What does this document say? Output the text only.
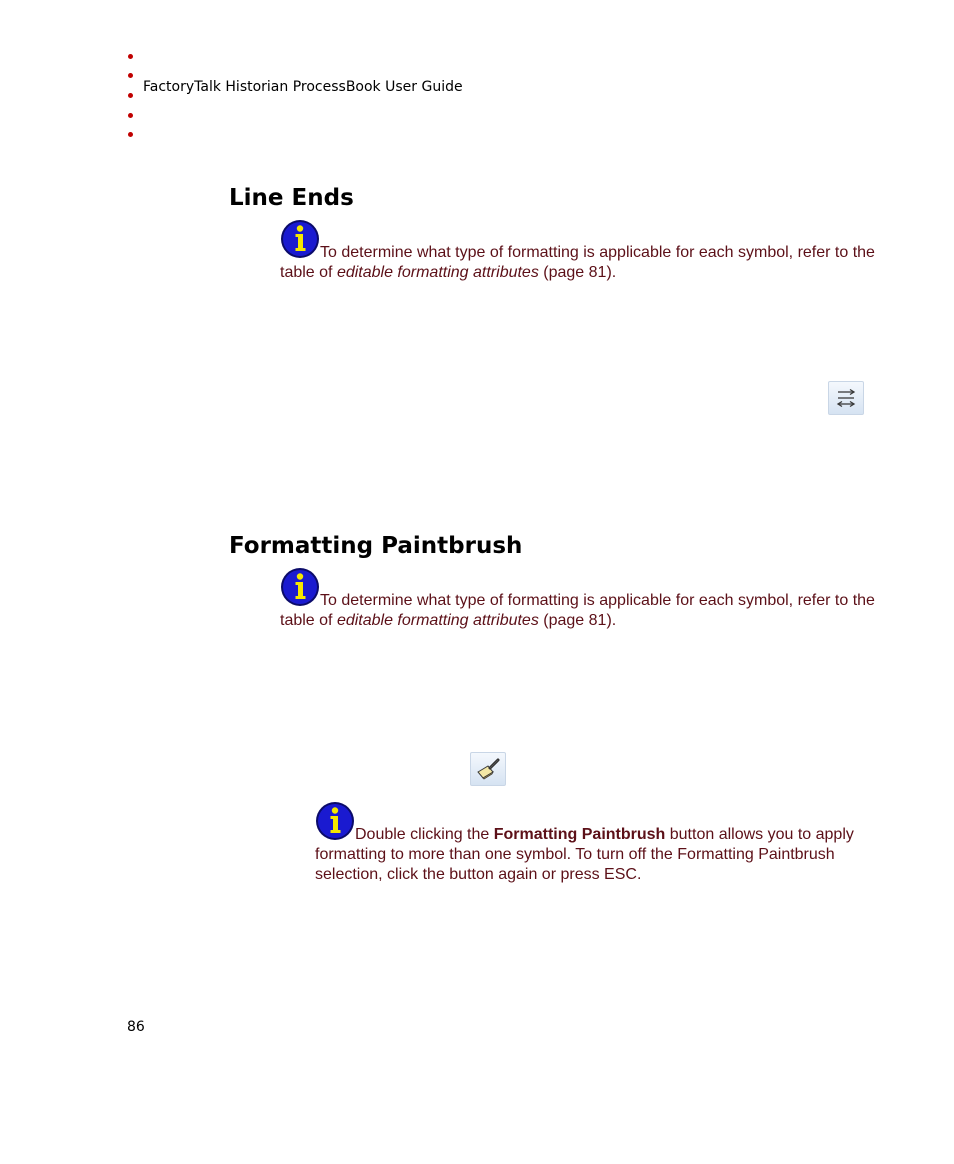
FactoryTalk Historian ProcessBook User Guide
Line Ends
To determine what type of formatting is applicable for each symbol, refer to the table of editable formatting attributes (page 81).
Formatting Paintbrush
To determine what type of formatting is applicable for each symbol, refer to the table of editable formatting attributes (page 81).
Double clicking the Formatting Paintbrush button allows you to apply formatting to more than one symbol. To turn off the Formatting Paintbrush selection, click the button again or press ESC.
86
